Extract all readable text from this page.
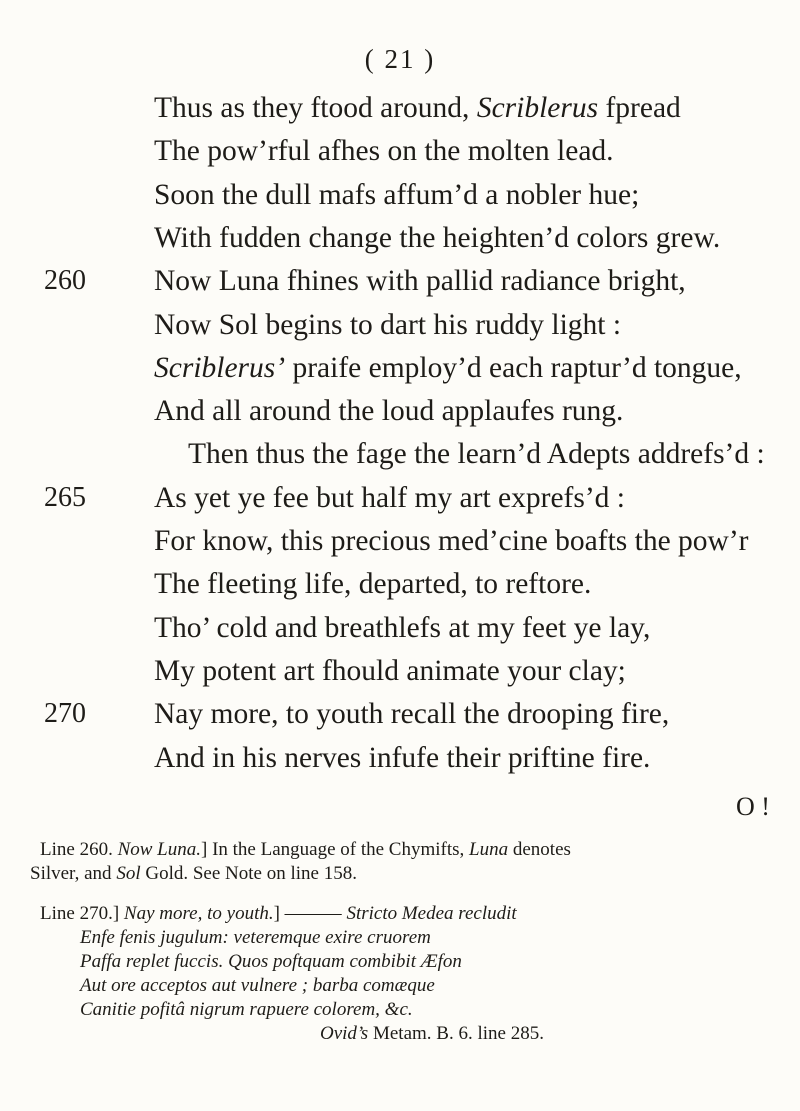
( 21 )
Thus as they ftood around, Scriblerus fpread
The pow’rful afhes on the molten lead.
Soon the dull mafs affum’d a nobler hue;
With fudden change the heighten’d colors grew.
260 Now Luna fhines with pallid radiance bright,
Now Sol begins to dart his ruddy light :
Scriblerus’ praife employ’d each raptur’d tongue,
And all around the loud applaufes rung.
Then thus the fage the learn’d Adepts addrefs’d :
265 As yet ye fee but half my art exprefs’d :
For know, this precious med’cine boafts the pow’r
The fleeting life, departed, to reftore.
Tho’ cold and breathlefs at my feet ye lay,
My potent art fhould animate your clay;
270 Nay more, to youth recall the drooping fire,
And in his nerves infufe their priftine fire.
O !
Line 260. Now Luna.] In the Language of the Chymifts, Luna denotes
Silver, and Sol Gold. See Note on line 158.
Line 270.] Nay more, to youth.] ——— Stricto Medea recludit
Enfe fenis jugulum: veteremque exire cruorem
Paffa replet fuccis. Quos poftquam combibit Æfon
Aut ore acceptos aut vulnere ; barba comæque
Canitie pofitâ nigrum rapuere colorem, &c.
Ovid’s Metam. B. 6. line 285.
